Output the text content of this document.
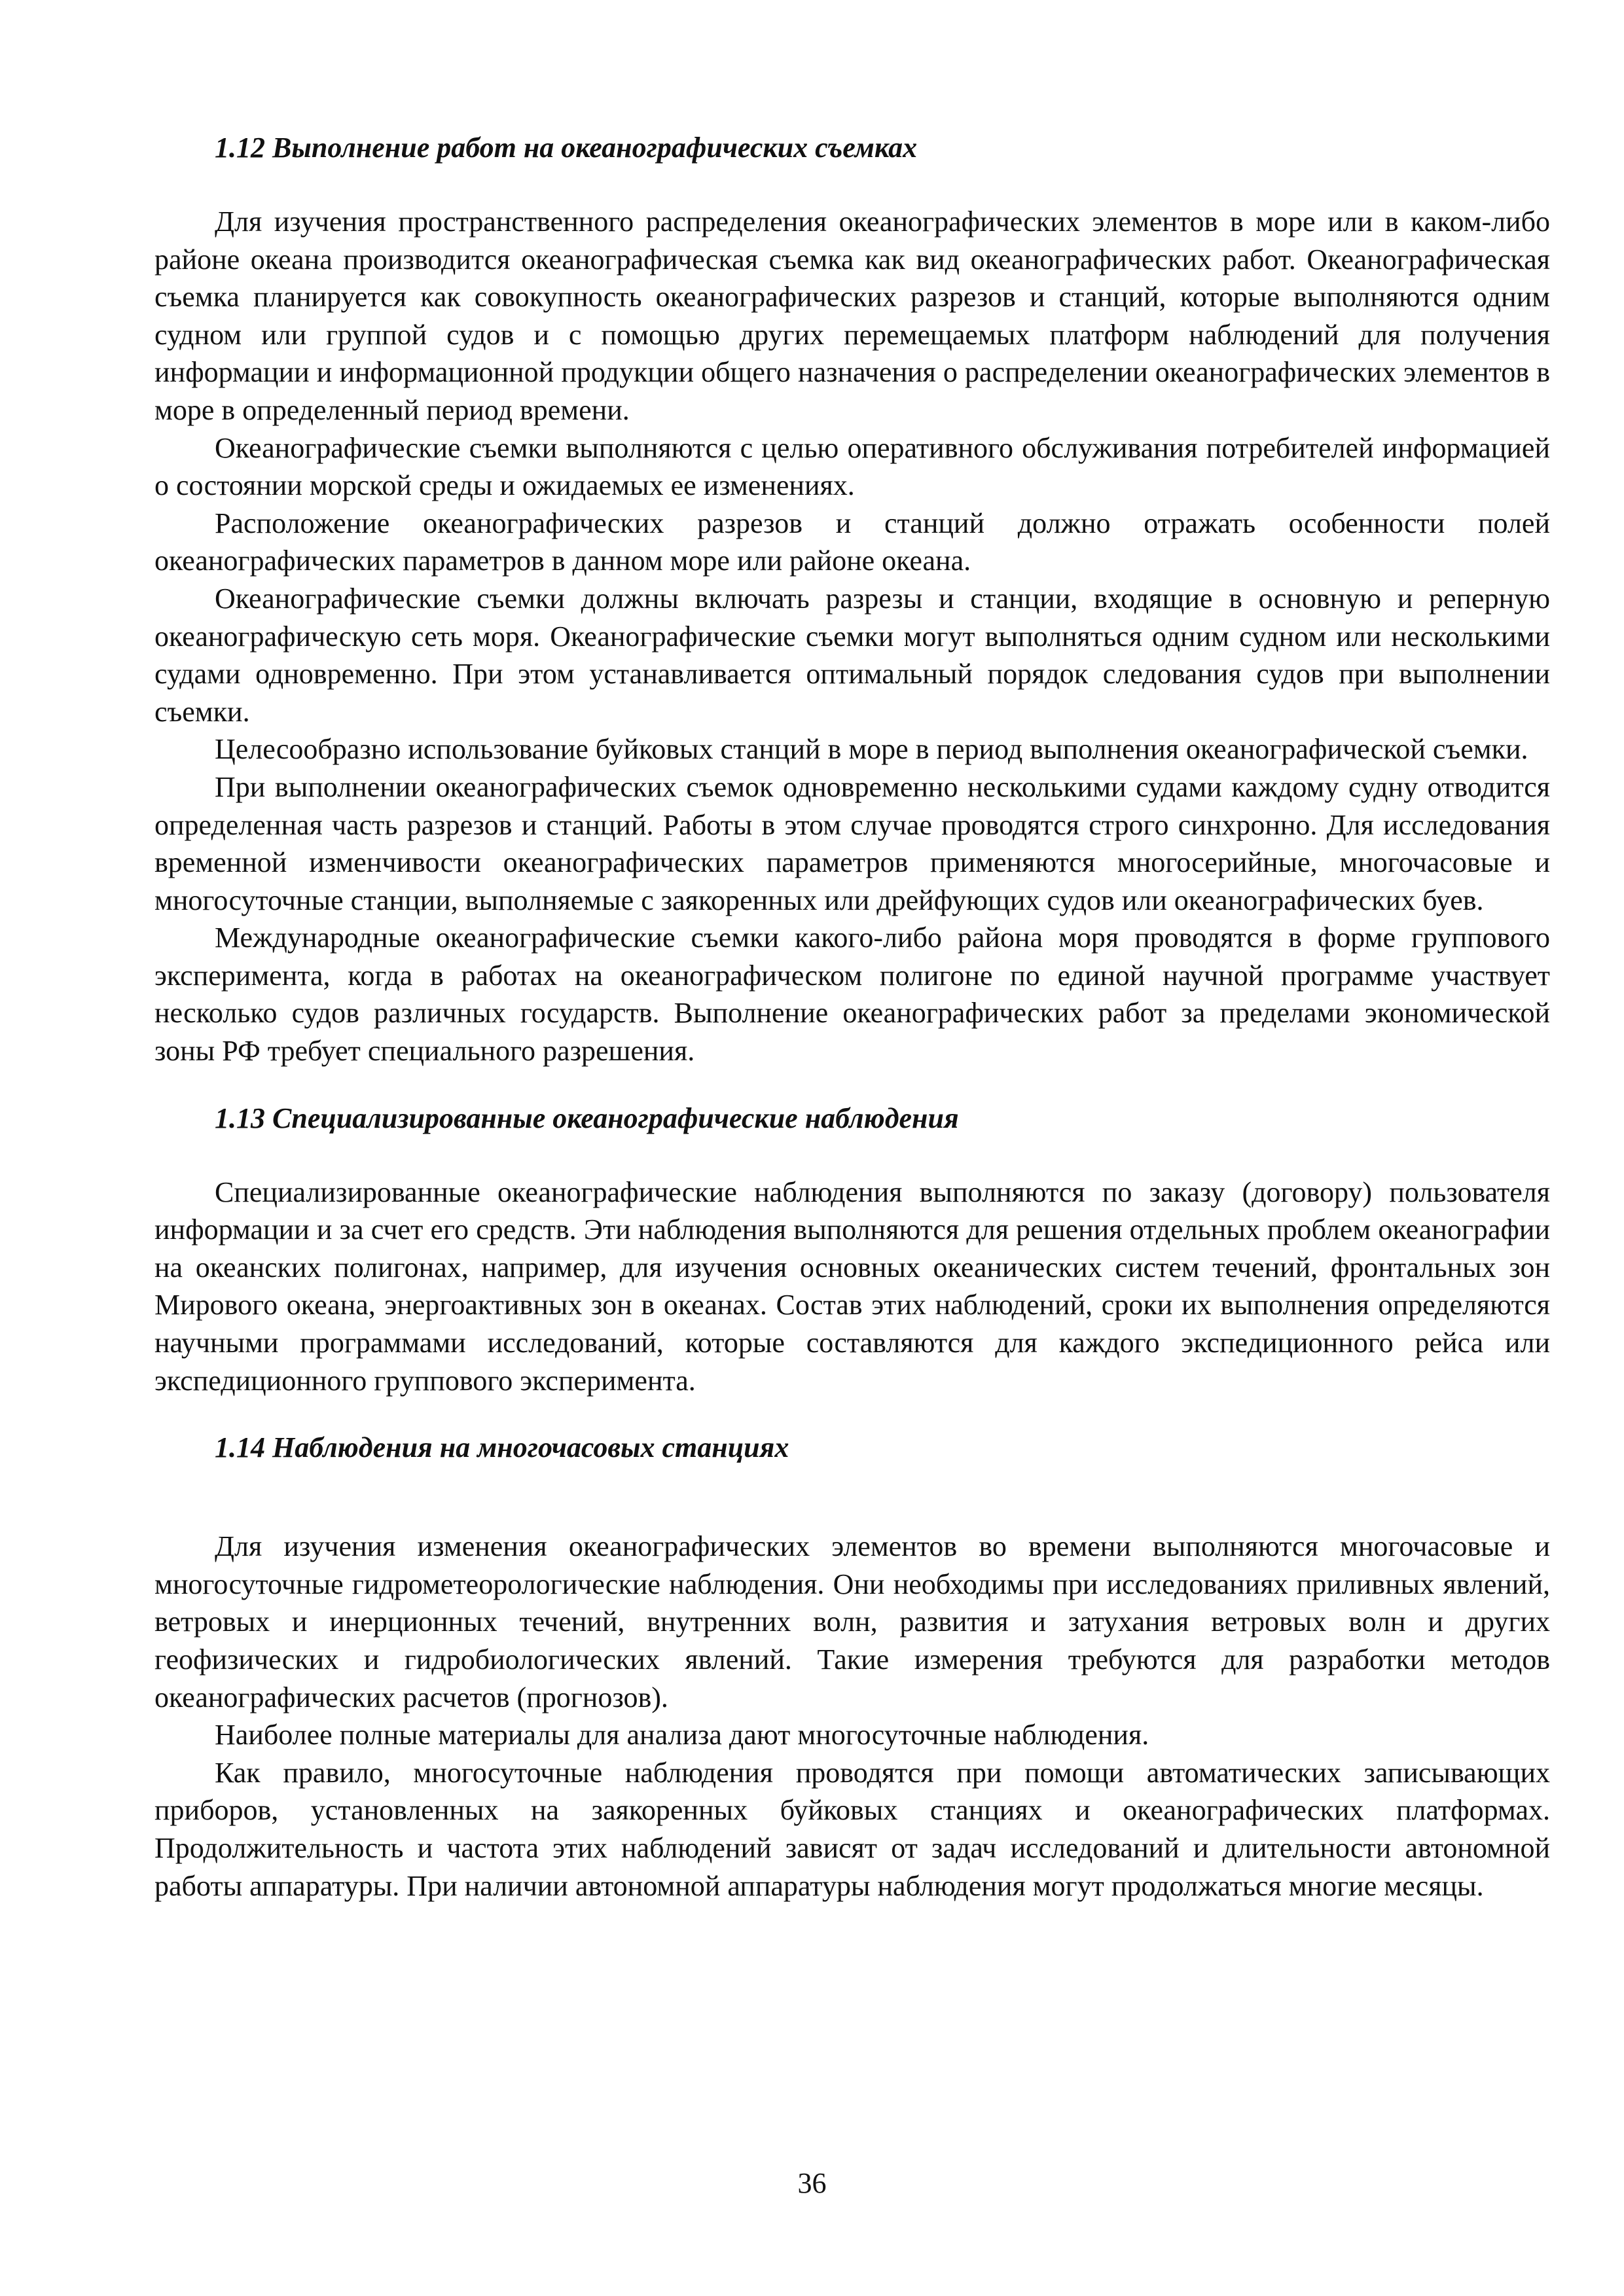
1.12 Выполнение работ на океанографических съемках

Для изучения пространственного распределения океанографических элементов в море или в каком-либо районе океана производится океанографическая съемка как вид океанографических работ. Океанографическая съемка планируется как совокупность океанографических разрезов и станций, которые выполняются одним судном или группой судов и с помощью других перемещаемых платформ наблюдений для получения информации и информационной продукции общего назначения о распределении океанографических элементов в море в определенный период времени.

Океанографические съемки выполняются с целью оперативного обслуживания потребителей информацией о состоянии морской среды и ожидаемых ее изменениях.

Расположение океанографических разрезов и станций должно отражать особенности полей океанографических параметров в данном море или районе океана.

Океанографические съемки должны включать разрезы и станции, входящие в основную и реперную океанографическую сеть моря. Океанографические съемки могут выполняться одним судном или несколькими судами одновременно. При этом устанавливается оптимальный порядок следования судов при выполнении съемки.

Целесообразно использование буйковых станций в море в период выполнения океанографической съемки.

При выполнении океанографических съемок одновременно несколькими судами каждому судну отводится определенная часть разрезов и станций. Работы в этом случае проводятся строго синхронно. Для исследования временной изменчивости океанографических параметров применяются многосерийные, многочасовые и многосуточные станции, выполняемые с заякоренных или дрейфующих судов или океанографических буев.

Международные океанографические съемки какого-либо района моря проводятся в форме группового эксперимента, когда в работах на океанографическом полигоне по единой научной программе участвует несколько судов различных государств. Выполнение океанографических работ за пределами экономической зоны РФ требует специального разрешения.

1.13 Специализированные океанографические наблюдения

Специализированные океанографические наблюдения выполняются по заказу (договору) пользователя информации и за счет его средств. Эти наблюдения выполняются для решения отдельных проблем океанографии на океанских полигонах, например, для изучения основных океанических систем течений, фронтальных зон Мирового океана, энергоактивных зон в океанах. Состав этих наблюдений, сроки их выполнения определяются научными программами исследований, которые составляются для каждого экспедиционного рейса или экспедиционного группового эксперимента.

1.14 Наблюдения на многочасовых станциях

Для изучения изменения океанографических элементов во времени выполняются многочасовые и многосуточные гидрометеорологические наблюдения. Они необходимы при исследованиях приливных явлений, ветровых и инерционных течений, внутренних волн, развития и затухания ветровых волн и других геофизических и гидробиологических явлений. Такие измерения требуются для разработки методов океанографических расчетов (прогнозов).

Наиболее полные материалы для анализа дают многосуточные наблюдения.

Как правило, многосуточные наблюдения проводятся при помощи автоматических записывающих приборов, установленных на заякоренных буйковых станциях и океанографических платформах. Продолжительность и частота этих наблюдений зависят от задач исследований и длительности автономной работы аппаратуры. При наличии автономной аппаратуры наблюдения могут продолжаться многие месяцы.

36
